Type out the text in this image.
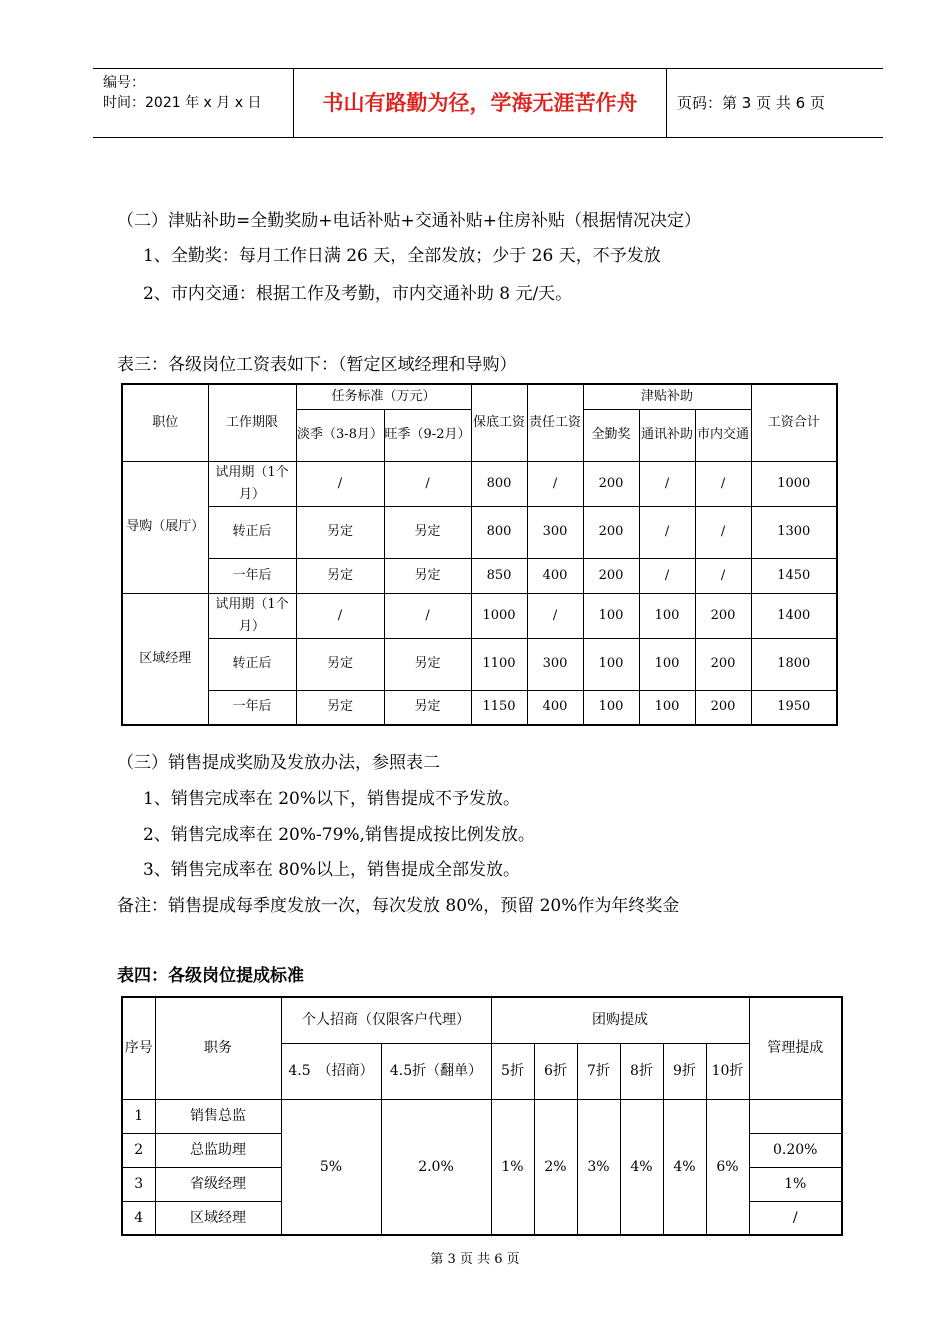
编号：
时间：2021 年 x 月 x 日	书山有路勤为径，学海无涯苦作舟	页码：第 3 页 共 6 页
（二）津贴补助=全勤奖励+电话补贴+交通补贴+住房补贴（根据情况决定）
1、全勤奖：每月工作日满 26 天，全部发放；少于 26 天，不予发放
2、市内交通：根据工作及考勤，市内交通补助 8 元/天。
表三：各级岗位工资表如下：（暂定区域经理和导购）
职位	工作期限	任务标准（万元）		保底工资	责任工资	津贴补助			工资合计
		淡季（3-8月）	旺季（9-2月）			全勤奖	通讯补助	市内交通	
导购（展厅）	试用期（1个月）	/	/	800	/	200	/	/	1000
	转正后	另定	另定	800	300	200	/	/	1300
	一年后	另定	另定	850	400	200	/	/	1450
区域经理	试用期（1个月）	/	/	1000	/	100	100	200	1400
	转正后	另定	另定	1100	300	100	100	200	1800
	一年后	另定	另定	1150	400	100	100	200	1950
（三）销售提成奖励及发放办法，参照表二
1、销售完成率在 20%以下，销售提成不予发放。
2、销售完成率在 20%-79%,销售提成按比例发放。
3、销售完成率在 80%以上，销售提成全部发放。
备注：销售提成每季度发放一次，每次发放 80%，预留 20%作为年终奖金
表四：各级岗位提成标准
序号	职务	个人招商（仅限客户代理）		团购提成						管理提成
		4.5　（招商）	4.5折（翻单）	5折	6折	7折	8折	9折	10折	
1	销售总监	5%	2.0%	1%	2%	3%	4%	4%	6%	
2	总监助理									0.20%
3	省级经理									1%
4	区域经理									/
第 3 页 共 6 页
